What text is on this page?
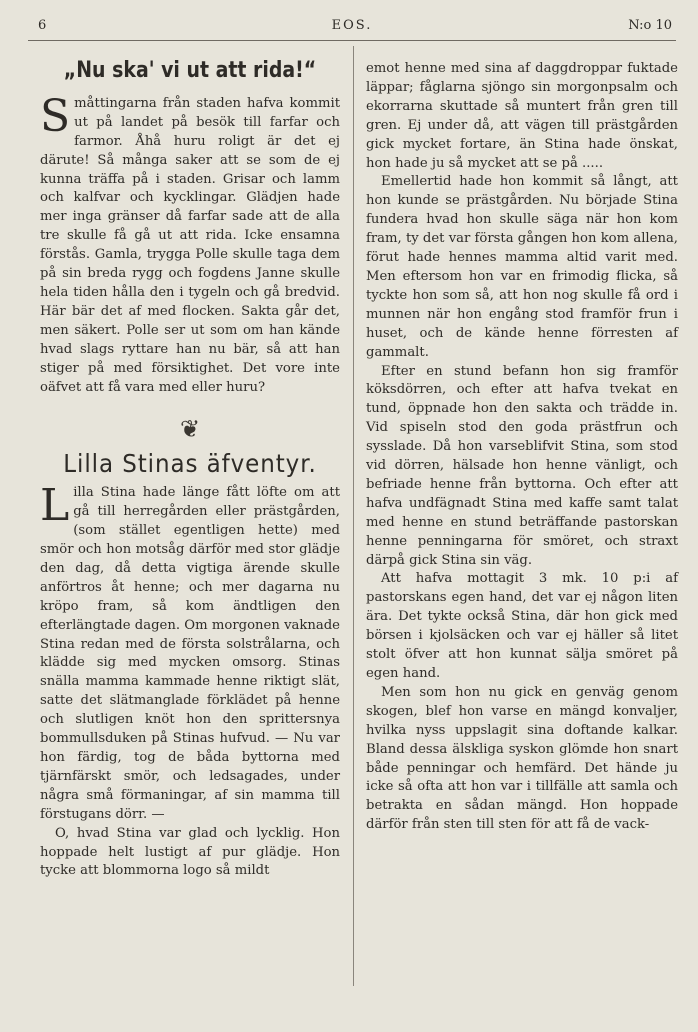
6	EOS.	N:o 10
„Nu ska' vi ut att rida!“

Småttingarna från staden hafva kommit ut på landet på besök till farfar och farmor. Åhå huru roligt är det ej därute! Så många saker att se som de ej kunna träffa på i staden. Grisar och lamm och kalfvar och kycklingar. Glädjen hade mer inga gränser då farfar sade att de alla tre skulle få gå ut att rida. Icke ensamna förstås. Gamla, trygga Polle skulle taga dem på sin breda rygg och fogdens Janne skulle hela tiden hålla den i tygeln och gå bredvid. Här bär det af med flocken. Sakta går det, men säkert. Polle ser ut som om han kände hvad slags ryttare han nu bär, så att han stiger på med försiktighet. Det vore inte oäfvet att få vara med eller huru?

❦
Lilla Stinas äfventyr.

Lilla Stina hade länge fått löfte om att gå till herregården eller prästgården, (som stället egentligen hette) med smör och hon motsåg därför med stor glädje den dag, då detta vigtiga ärende skulle anförtros åt henne; och mer dagarna nu kröpo fram, så kom ändtligen den efterlängtade dagen. Om morgonen vaknade Stina redan med de första solstrålarna, och klädde sig med mycken omsorg. Stinas snälla mamma kammade henne riktigt slät, satte det slätmanglade förklädet på henne och slutligen knöt hon den sprittersnya bommullsduken på Stinas hufvud. — Nu var hon färdig, tog de båda byttorna med tjärnfärskt smör, och ledsagades, under några små förmaningar, af sin mamma till förstugans dörr. —

O, hvad Stina var glad och lycklig. Hon hoppade helt lustigt af pur glädje. Hon tycke att blommorna logo så mildt

emot henne med sina af daggdroppar fuktade läppar; fåglarna sjöngo sin morgonpsalm och ekorrarna skuttade så muntert från gren till gren. Ej under då, att vägen till prästgården gick mycket fortare, än Stina hade önskat, hon hade ju så mycket att se på .....

Emellertid hade hon kommit så långt, att hon kunde se prästgården. Nu började Stina fundera hvad hon skulle säga när hon kom fram, ty det var första gången hon kom allena, förut hade hennes mamma altid varit med. Men eftersom hon var en frimodig flicka, så tyckte hon som så, att hon nog skulle få ord i munnen när hon engång stod framför frun i huset, och de kände henne förresten af gammalt.

Efter en stund befann hon sig framför köksdörren, och efter att hafva tvekat en tund, öppnade hon den sakta och trädde in. Vid spiseln stod den goda prästfrun och sysslade. Då hon varseblifvit Stina, som stod vid dörren, hälsade hon henne vänligt, och befriade henne från byttorna. Och efter att hafva undfägnadt Stina med kaffe samt talat med henne en stund beträffande pastorskan henne penningarna för smöret, och straxt därpå gick Stina sin väg.

Att hafva mottagit 3 mk. 10 p:i af pastorskans egen hand, det var ej någon liten ära. Det tykte också Stina, där hon gick med börsen i kjolsäcken och var ej häller så litet stolt öfver att hon kunnat sälja smöret på egen hand.

Men som hon nu gick en genväg genom skogen, blef hon varse en mängd konvaljer, hvilka nyss uppslagit sina doftande kalkar. Bland dessa älskliga syskon glömde hon snart både penningar och hemfärd. Det hände ju icke så ofta att hon var i tillfälle att samla och betrakta en sådan mängd. Hon hoppade därför från sten till sten för att få de vack-
